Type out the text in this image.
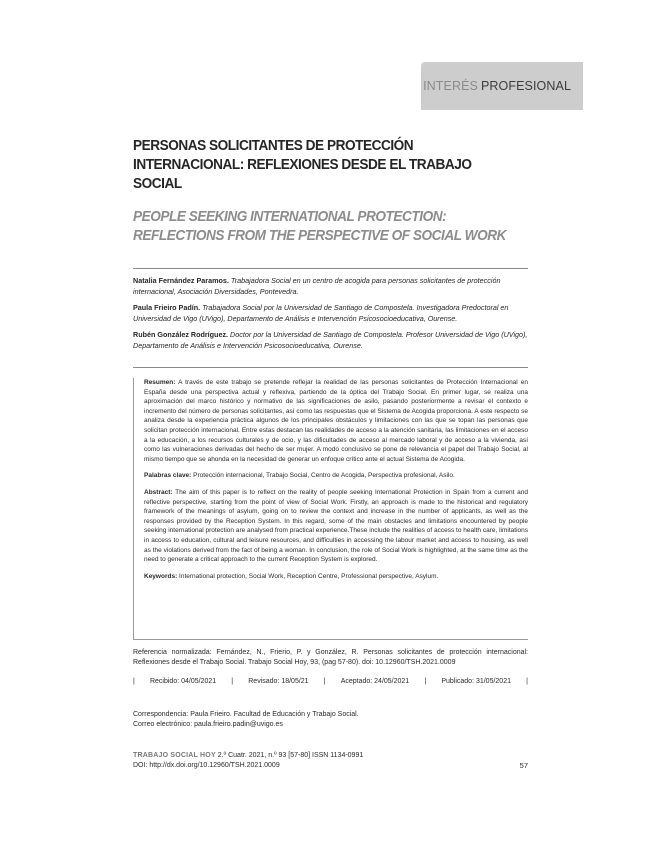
INTERÉS PROFESIONAL
PERSONAS SOLICITANTES DE PROTECCIÓN INTERNACIONAL: REFLEXIONES DESDE EL TRABAJO SOCIAL
PEOPLE SEEKING INTERNATIONAL PROTECTION: REFLECTIONS FROM THE PERSPECTIVE OF SOCIAL WORK

Natalia Fernández Paramos. Trabajadora Social en un centro de acogida para personas solicitantes de protección internacional, Asociación Diversidades, Pontevedra.

Paula Frieiro Padín. Trabajadora Social por la Universidad de Santiago de Compostela. Investigadora Predoctoral en Universidad de Vigo (UVigo), Departamento de Análisis e Intervención Psicosocioeducativa, Ourense.

Rubén González Rodríguez. Doctor por la Universidad de Santiago de Compostela. Profesor Universidad de Vigo (UVigo), Departamento de Análisis e Intervención Psicosocioeducativa, Ourense.

Resumen: A través de este trabajo se pretende reflejar la realidad de las personas solicitantes de Protección Internacional en España desde una perspectiva actual y reflexiva, partiendo de la óptica del Trabajo Social. En primer lugar, se realiza una aproximación del marco histórico y normativo de las significaciones de asilo, pasando posteriormente a revisar el contexto e incremento del número de personas solicitantes, así como las respuestas que el Sistema de Acogida proporciona. A este respecto se analiza desde la experiencia práctica algunos de los principales obstáculos y limitaciones con las que se topan las personas que solicitan protección internacional. Entre estas destacan las realidades de acceso a la atención sanitaria, las limitaciones en el acceso a la educación, a los recursos culturales y de ocio, y las dificultades de acceso al mercado laboral y de acceso a la vivienda, así como las vulneraciones derivadas del hecho de ser mujer. A modo conclusivo se pone de relevancia el papel del Trabajo Social, al mismo tiempo que se ahonda en la necesidad de generar un enfoque crítico ante el actual Sistema de Acogida.

Palabras clave: Protección internacional, Trabajo Social, Centro de Acogida, Perspectiva profesional, Asilo.

Abstract: The aim of this paper is to reflect on the reality of people seeking International Protection in Spain from a current and reflective perspective, starting from the point of view of Social Work. Firstly, an approach is made to the historical and regulatory framework of the meanings of asylum, going on to review the context and increase in the number of applicants, as well as the responses provided by the Reception System. In this regard, some of the main obstacles and limitations encountered by people seeking international protection are analysed from practical experience.These include the realities of access to health care, limitations in access to education, cultural and leisure resources, and difficulties in accessing the labour market and access to housing, as well as the violations derived from the fact of being a woman. In conclusion, the role of Social Work is highlighted, at the same time as the need to generate a critical approach to the current Reception System is explored.

Keywords: International protection, Social Work, Reception Centre, Professional perspective, Asylum.

Referencia normalizada: Fernández, N., Frierio, P. y González, R. Personas solicitantes de protección internacional: Reflexiones desde el Trabajo Social. Trabajo Social Hoy, 93, (pag 57-80). doi: 10.12960/TSH.2021.0009
| Recibido: 04/05/2021 | Revisado: 18/05/21 | Aceptado: 24/05/2021 | Publicado: 31/05/2021 |
Correspondencia: Paula Frieiro. Facultad de Educación y Trabajo Social.
Correo electrónico: paula.frieiro.padin@uvigo.es
TRABAJO SOCIAL HOY 2.º Cuatr. 2021, n.º 93 [57-80] ISSN 1134-0991
DOI: http://dx.doi.org/10.12960/TSH.2021.0009	57
